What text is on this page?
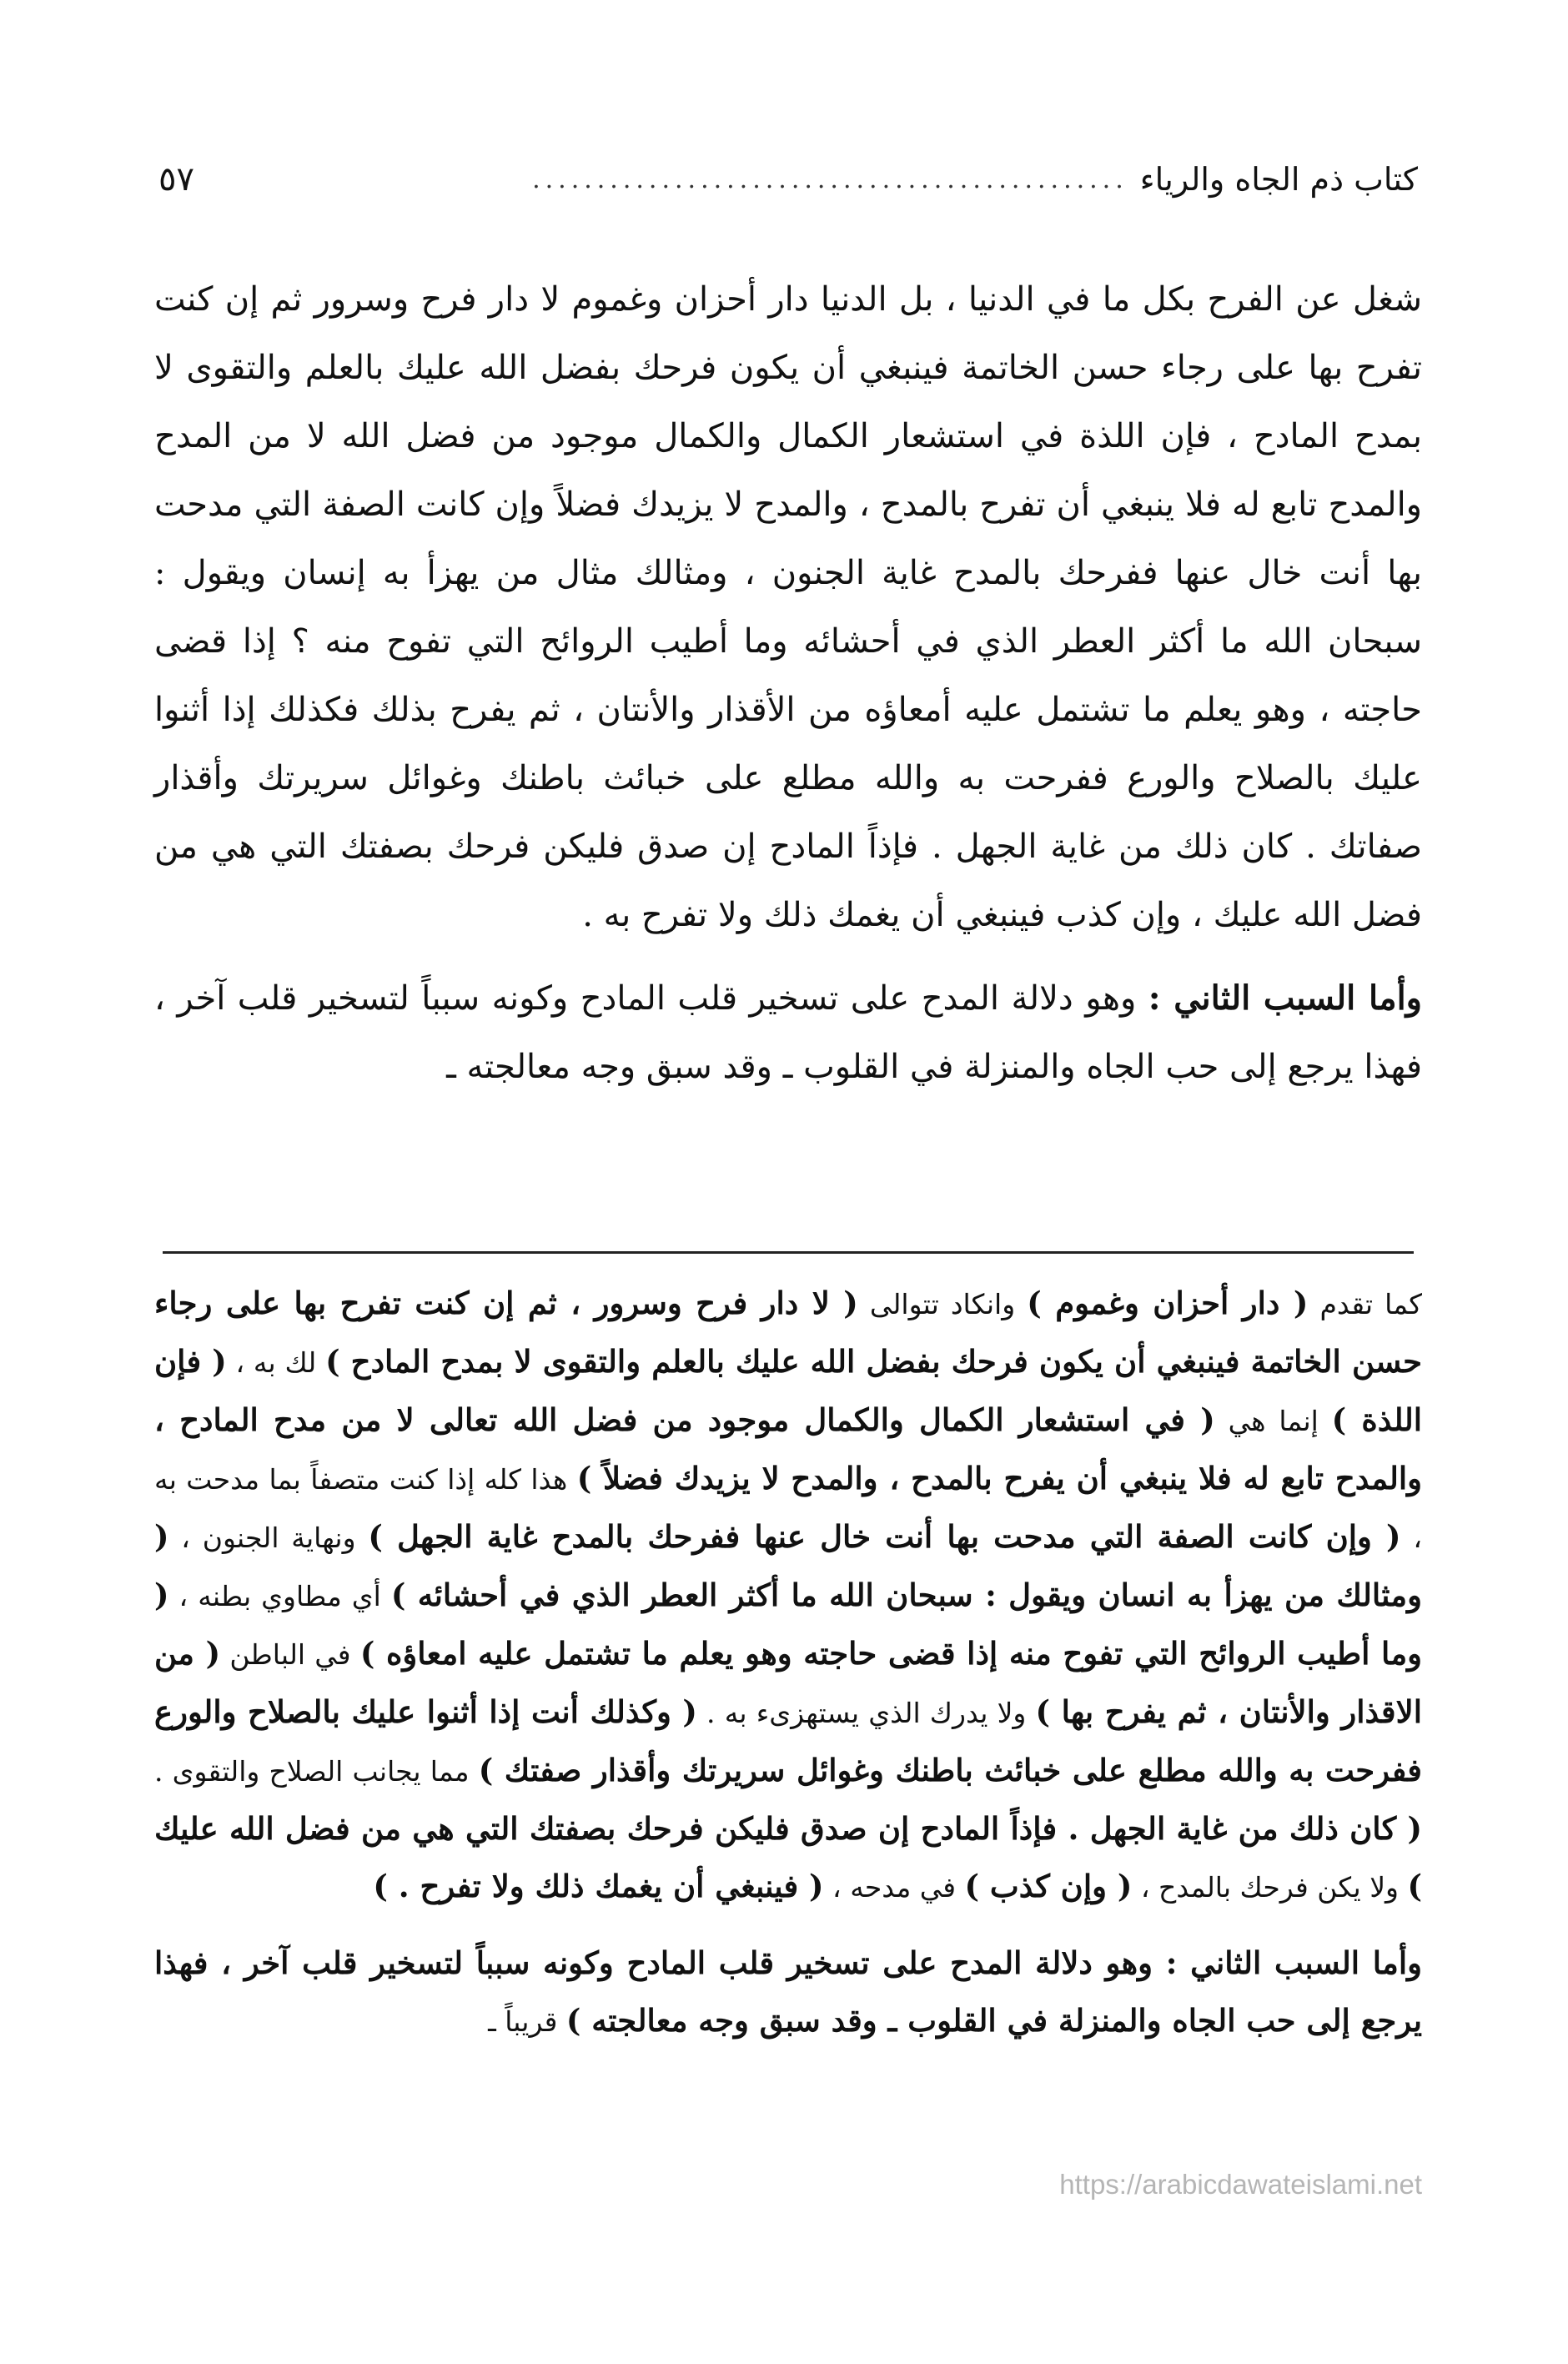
كتاب ذم الجاه والرياء
..............................................
٥٧

شغل عن الفرح بكل ما في الدنيا ، بل الدنيا دار أحزان وغموم لا دار فرح وسرور ثم إن كنت تفرح بها على رجاء حسن الخاتمة فينبغي أن يكون فرحك بفضل الله عليك بالعلم والتقوى لا بمدح المادح ، فإن اللذة في استشعار الكمال والكمال موجود من فضل الله لا من المدح والمدح تابع له فلا ينبغي أن تفرح بالمدح ، والمدح لا يزيدك فضلاً وإن كانت الصفة التي مدحت بها أنت خال عنها ففرحك بالمدح غاية الجنون ، ومثالك مثال من يهزأ به إنسان ويقول : سبحان الله ما أكثر العطر الذي في أحشائه وما أطيب الروائح التي تفوح منه ؟ إذا قضى حاجته ، وهو يعلم ما تشتمل عليه أمعاؤه من الأقذار والأنتان ، ثم يفرح بذلك فكذلك إذا أثنوا عليك بالصلاح والورع ففرحت به والله مطلع على خبائث باطنك وغوائل سريرتك وأقذار صفاتك . كان ذلك من غاية الجهل . فإذاً المادح إن صدق فليكن فرحك بصفتك التي هي من فضل الله عليك ، وإن كذب فينبغي أن يغمك ذلك ولا تفرح به .

وأما السبب الثاني : وهو دلالة المدح على تسخير قلب المادح وكونه سبباً لتسخير قلب آخر ، فهذا يرجع إلى حب الجاه والمنزلة في القلوب ـ وقد سبق وجه معالجته ـ

كما تقدم ( دار أحزان وغموم ) وانكاد تتوالى ( لا دار فرح وسرور ، ثم إن كنت تفرح بها على رجاء حسن الخاتمة فينبغي أن يكون فرحك بفضل الله عليك بالعلم والتقوى لا بمدح المادح ) لك به ، ( فإن اللذة ) إنما هي ( في استشعار الكمال والكمال موجود من فضل الله تعالى لا من مدح المادح ، والمدح تابع له فلا ينبغي أن يفرح بالمدح ، والمدح لا يزيدك فضلاً ) هذا كله إذا كنت متصفاً بما مدحت به ، ( وإن كانت الصفة التي مدحت بها أنت خال عنها ففرحك بالمدح غاية الجهل ) ونهاية الجنون ، ( ومثالك من يهزأ به انسان ويقول : سبحان الله ما أكثر العطر الذي في أحشائه ) أي مطاوي بطنه ، ( وما أطيب الروائح التي تفوح منه إذا قضى حاجته وهو يعلم ما تشتمل عليه امعاؤه ) في الباطن ( من الاقذار والأنتان ، ثم يفرح بها ) ولا يدرك الذي يستهزىء به . ( وكذلك أنت إذا أثنوا عليك بالصلاح والورع ففرحت به والله مطلع على خبائث باطنك وغوائل سريرتك وأقذار صفتك ) مما يجانب الصلاح والتقوى . ( كان ذلك من غاية الجهل . فإذاً المادح إن صدق فليكن فرحك بصفتك التي هي من فضل الله عليك ) ولا يكن فرحك بالمدح ، ( وإن كذب ) في مدحه ، ( فينبغي أن يغمك ذلك ولا تفرح . )

وأما السبب الثاني : وهو دلالة المدح على تسخير قلب المادح وكونه سبباً لتسخير قلب آخر ، فهذا يرجع إلى حب الجاه والمنزلة في القلوب ـ وقد سبق وجه معالجته ) قريباً ـ

https://arabicdawateislami.net
